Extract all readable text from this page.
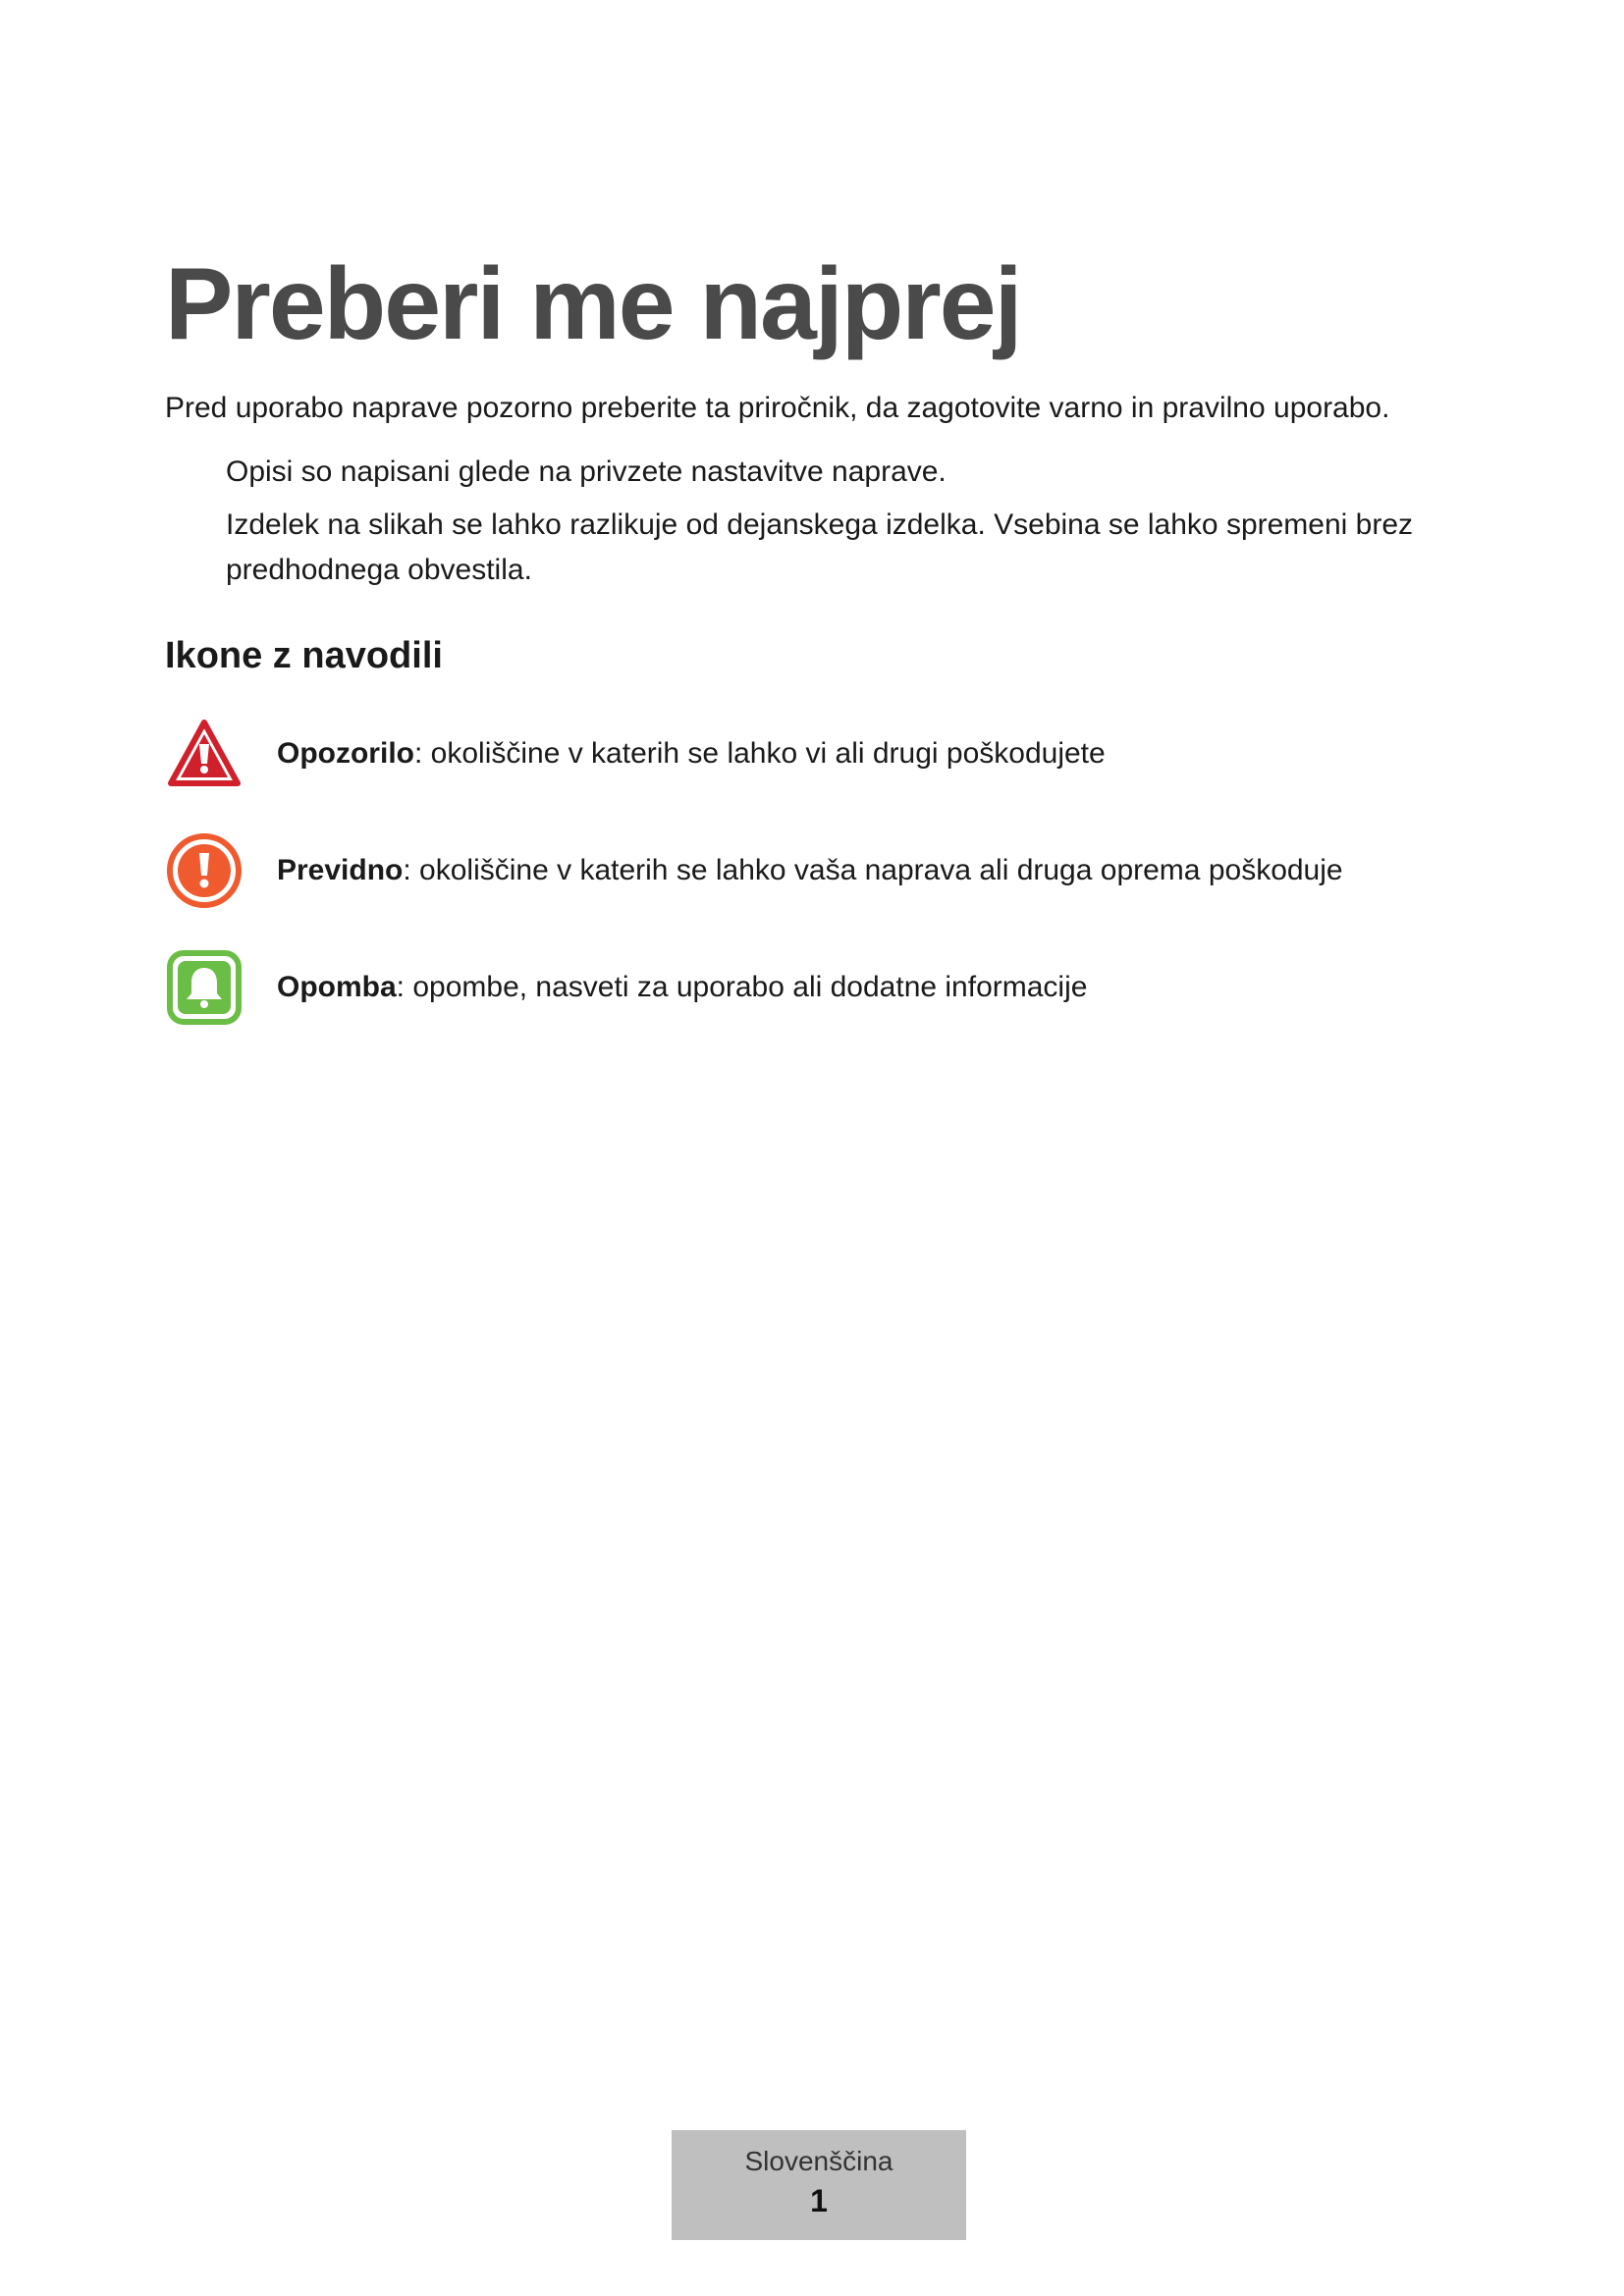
Preberi me najprej

Pred uporabo naprave pozorno preberite ta priročnik, da zagotovite varno in pravilno uporabo.

Opisi so napisani glede na privzete nastavitve naprave.
Izdelek na slikah se lahko razlikuje od dejanskega izdelka. Vsebina se lahko spremeni brez predhodnega obvestila.
Ikone z navodili
Opozorilo: okoliščine v katerih se lahko vi ali drugi poškodujete
Previdno: okoliščine v katerih se lahko vaša naprava ali druga oprema poškoduje
Opomba: opombe, nasveti za uporabo ali dodatne informacije
Slovenščina
1
